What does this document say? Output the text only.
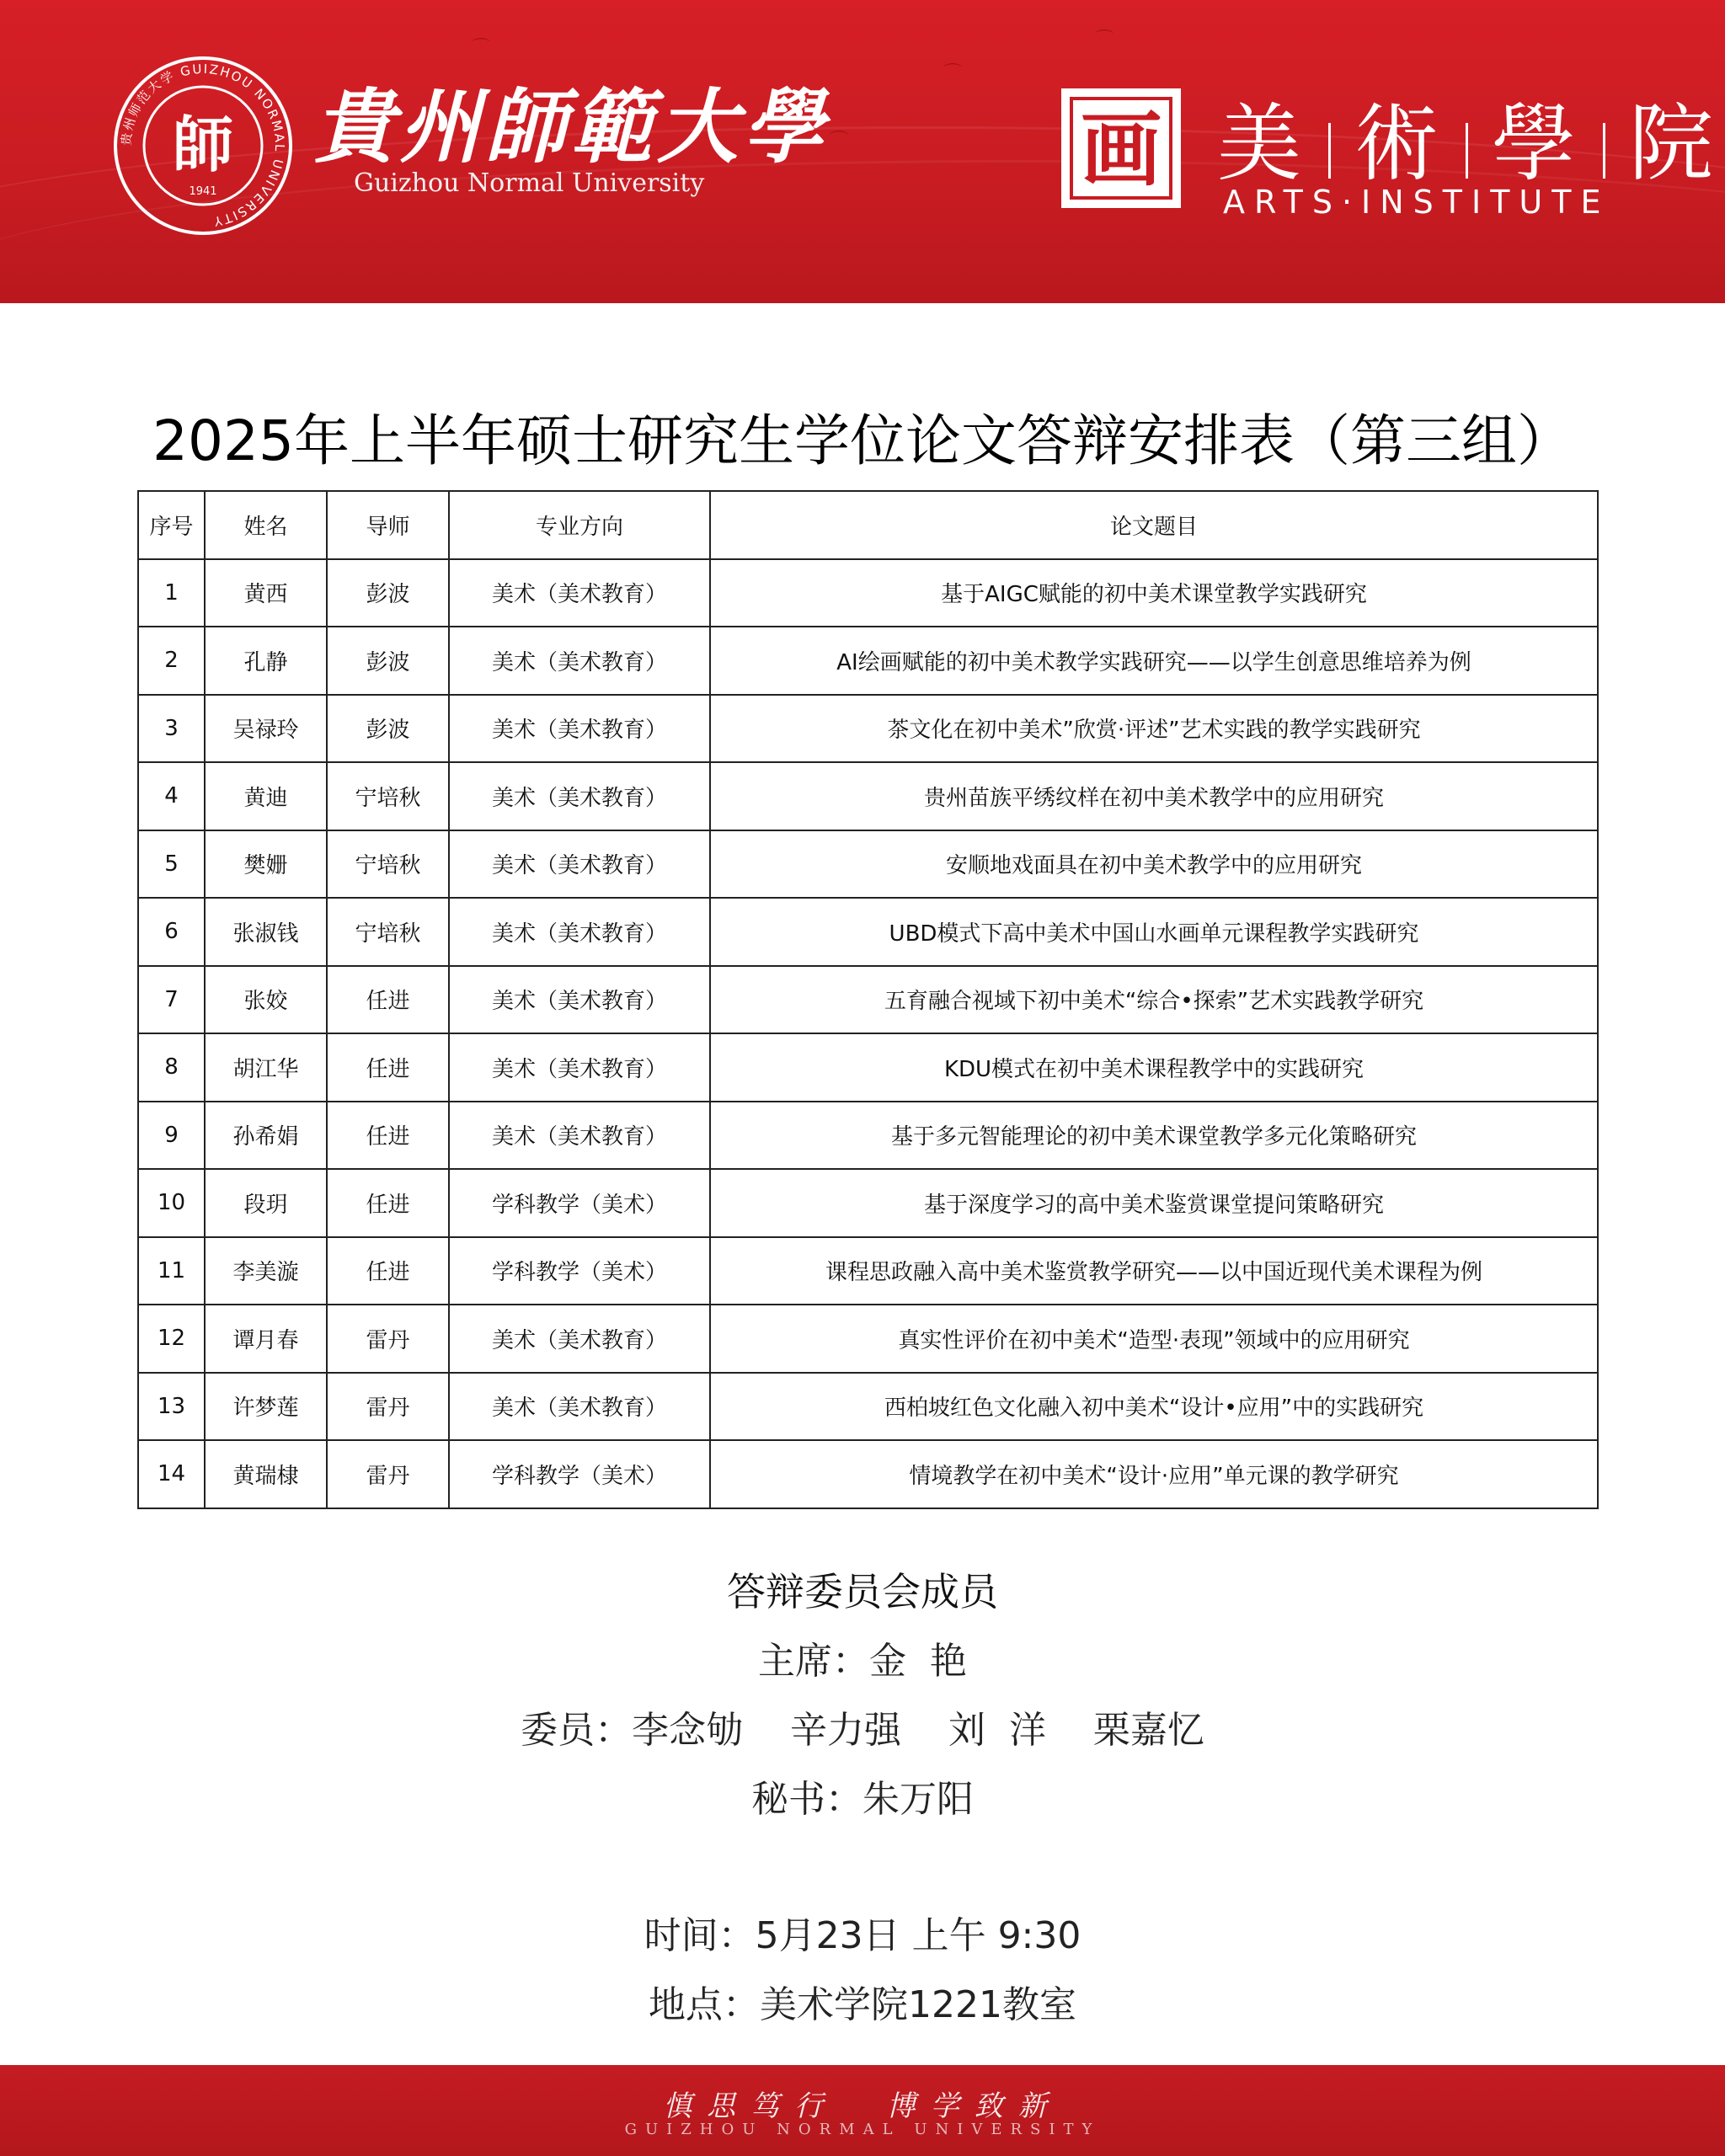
⌒
⌒
⌒
⌒
贵州师范大学 GUIZHOU NORMAL UNIVERSITY
師
1941
貴州師範大學
Guizhou Normal University	画 美 術 學 院
ARTS·INSTITUTE
2025年上半年硕士研究生学位论文答辩安排表（第三组）
序号	姓名	导师	专业方向	论文题目
1	黄西	彭波	美术（美术教育）	基于AIGC赋能的初中美术课堂教学实践研究
2	孔静	彭波	美术（美术教育）	AI绘画赋能的初中美术教学实践研究——以学生创意思维培养为例
3	吴禄玲	彭波	美术（美术教育）	茶文化在初中美术”欣赏·评述”艺术实践的教学实践研究
4	黄迪	宁培秋	美术（美术教育）	贵州苗族平绣纹样在初中美术教学中的应用研究
5	樊姗	宁培秋	美术（美术教育）	安顺地戏面具在初中美术教学中的应用研究
6	张淑钱	宁培秋	美术（美术教育）	UBD模式下高中美术中国山水画单元课程教学实践研究
7	张姣	任进	美术（美术教育）	五育融合视域下初中美术“综合•探索”艺术实践教学研究
8	胡江华	任进	美术（美术教育）	KDU模式在初中美术课程教学中的实践研究
9	孙希娟	任进	美术（美术教育）	基于多元智能理论的初中美术课堂教学多元化策略研究
10	段玥	任进	学科教学（美术）	基于深度学习的高中美术鉴赏课堂提问策略研究
11	李美漩	任进	学科教学（美术）	课程思政融入高中美术鉴赏教学研究——以中国近现代美术课程为例
12	谭月春	雷丹	美术（美术教育）	真实性评价在初中美术“造型·表现”领域中的应用研究
13	许梦莲	雷丹	美术（美术教育）	西柏坡红色文化融入初中美术“设计•应用”中的实践研究
14	黄瑞棣	雷丹	学科教学（美术）	情境教学在初中美术“设计·应用”单元课的教学研究
答辩委员会成员
主席：金  艳
委员：李念劬    辛力强    刘  洋    栗嘉忆
秘书：朱万阳
时间：5月23日 上午 9:30
地点：美术学院1221教室
慎思笃行  博学致新
GUIZHOU NORMAL UNIVERSITY
